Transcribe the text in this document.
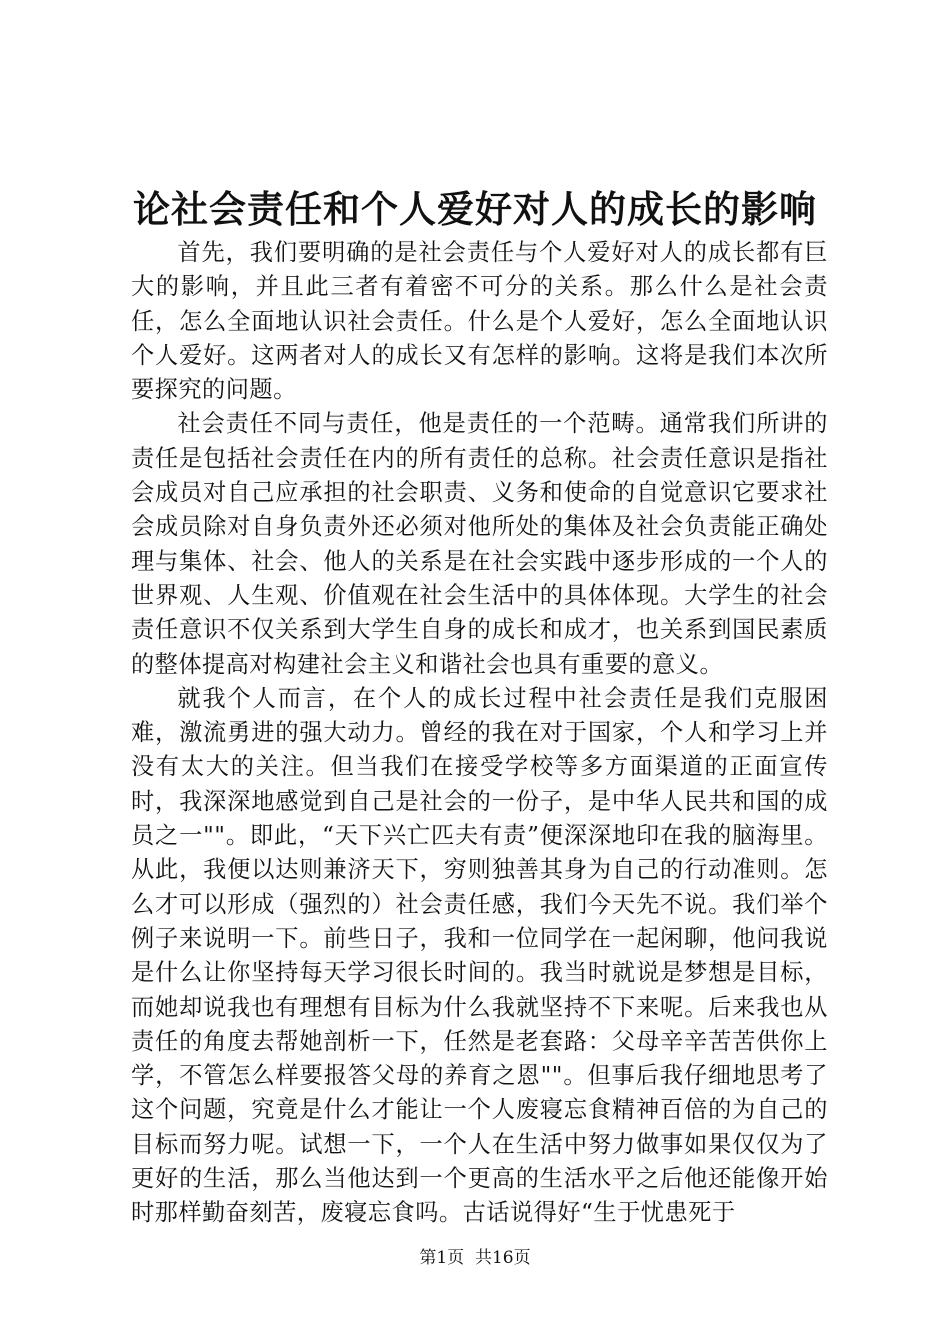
论社会责任和个人爱好对人的成长的影响

首先，我们要明确的是社会责任与个人爱好对人的成长都有巨大的影响，并且此三者有着密不可分的关系。那么什么是社会责任，怎么全面地认识社会责任。什么是个人爱好，怎么全面地认识个人爱好。这两者对人的成长又有怎样的影响。这将是我们本次所要探究的问题。

社会责任不同与责任，他是责任的一个范畴。通常我们所讲的责任是包括社会责任在内的所有责任的总称。社会责任意识是指社会成员对自己应承担的社会职责、义务和使命的自觉意识它要求社会成员除对自身负责外还必须对他所处的集体及社会负责能正确处理与集体、社会、他人的关系是在社会实践中逐步形成的一个人的世界观、人生观、价值观在社会生活中的具体体现。大学生的社会责任意识不仅关系到大学生自身的成长和成才，也关系到国民素质的整体提高对构建社会主义和谐社会也具有重要的意义。

就我个人而言，在个人的成长过程中社会责任是我们克服困难，激流勇进的强大动力。曾经的我在对于国家，个人和学习上并没有太大的关注。但当我们在接受学校等多方面渠道的正面宣传时，我深深地感觉到自己是社会的一份子，是中华人民共和国的成员之一""。即此，“天下兴亡匹夫有责”便深深地印在我的脑海里。从此，我便以达则兼济天下，穷则独善其身为自己的行动准则。怎么才可以形成（强烈的）社会责任感，我们今天先不说。我们举个例子来说明一下。前些日子，我和一位同学在一起闲聊，他问我说是什么让你坚持每天学习很长时间的。我当时就说是梦想是目标，而她却说我也有理想有目标为什么我就坚持不下来呢。后来我也从责任的角度去帮她剖析一下，任然是老套路：父母辛辛苦苦供你上学，不管怎么样要报答父母的养育之恩""。但事后我仔细地思考了这个问题，究竟是什么才能让一个人废寝忘食精神百倍的为自己的目标而努力呢。试想一下，一个人在生活中努力做事如果仅仅为了更好的生活，那么当他达到一个更高的生活水平之后他还能像开始时那样勤奋刻苦，废寝忘食吗。古话说得好“生于忧患死于

第1页  共16页
